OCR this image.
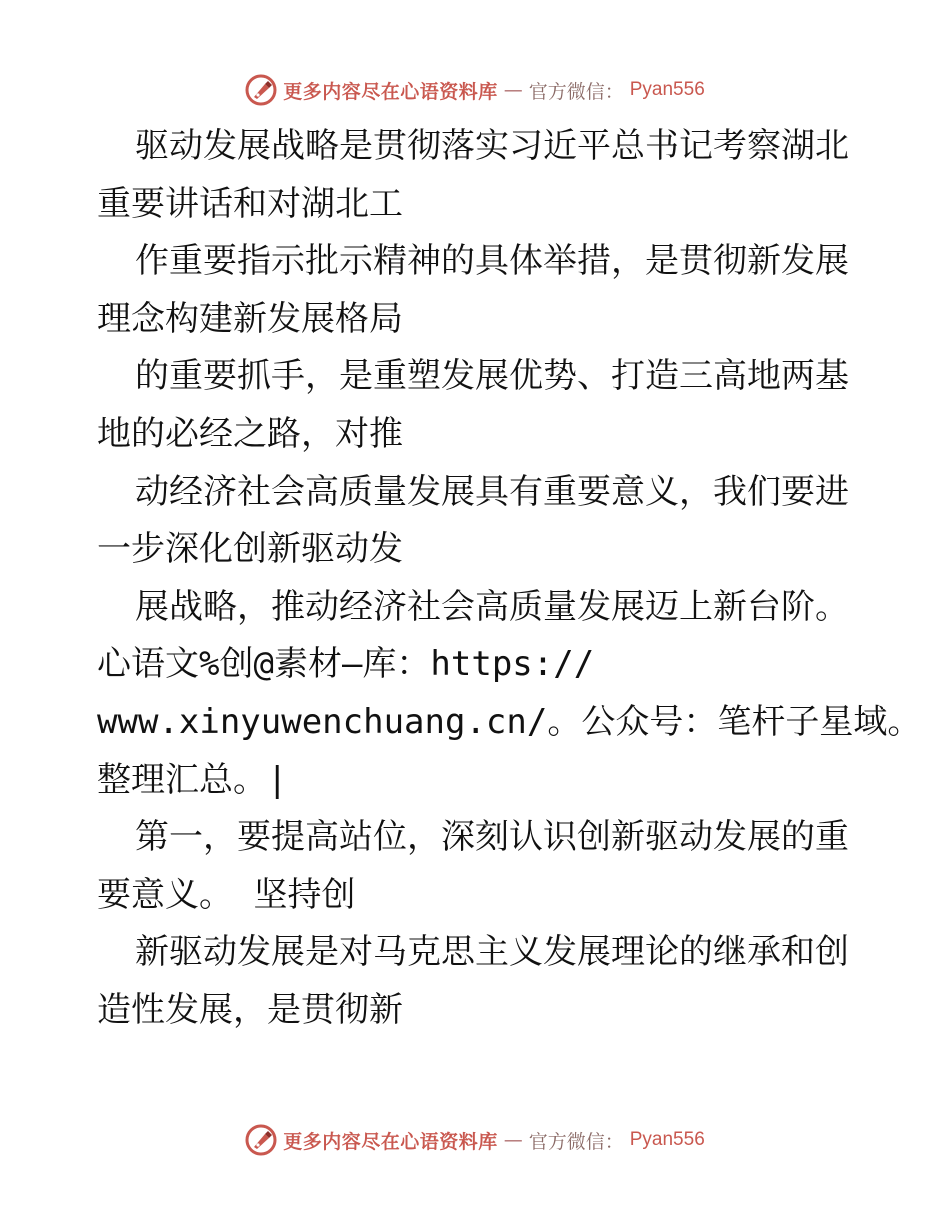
更多内容尽在心语资料库 — 官方微信： Pyan556
驱动发展战略是贯彻落实习近平总书记考察湖北
重要讲话和对湖北工
作重要指示批示精神的具体举措，是贯彻新发展
理念构建新发展格局
的重要抓手，是重塑发展优势、打造三高地两基
地的必经之路，对推
动经济社会高质量发展具有重要意义，我们要进
一步深化创新驱动发
展战略，推动经济社会高质量发展迈上新台阶。
心语文%创@素材—库：https://
www.xinyuwenchuang.cn/。公众号：笔杆子星域。
整理汇总。|
第一，要提高站位，深刻认识创新驱动发展的重
要意义。 坚持创
新驱动发展是对马克思主义发展理论的继承和创
造性发展，是贯彻新
更多内容尽在心语资料库 — 官方微信： Pyan556
